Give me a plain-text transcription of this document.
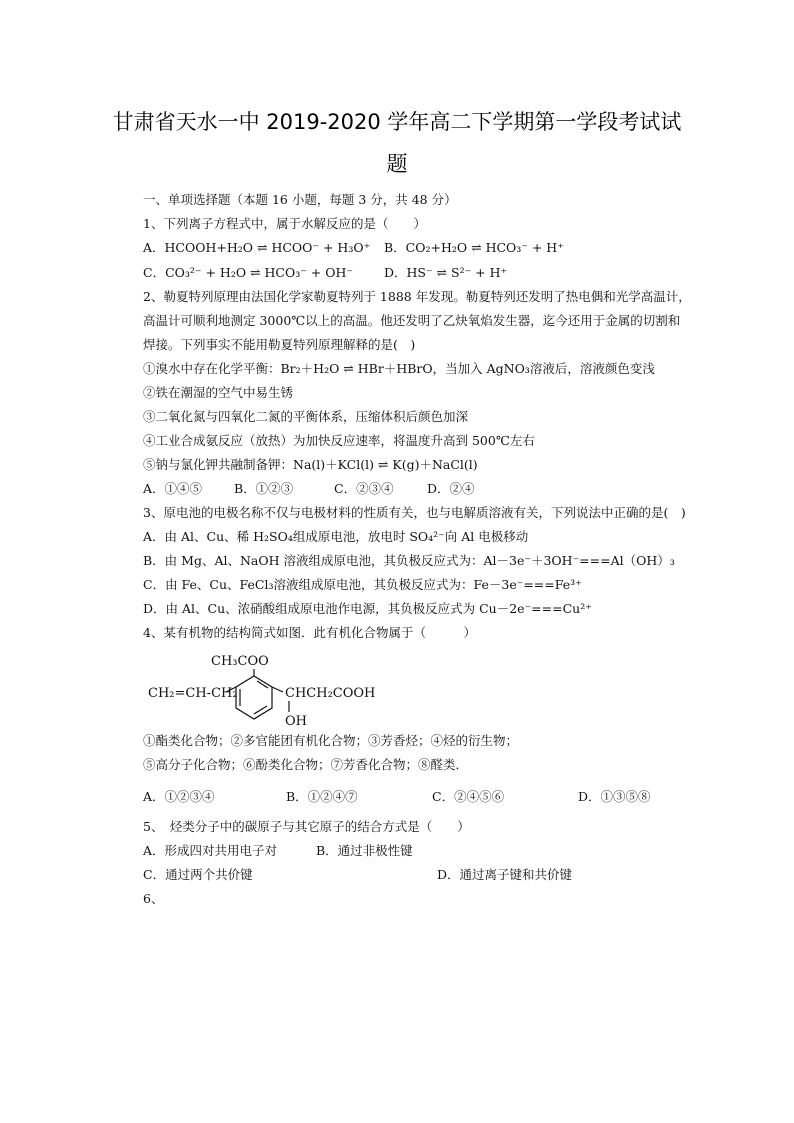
甘肃省天水一中 2019-2020 学年高二下学期第一学段考试试
题
一、单项选择题（本题 16 小题，每题 3 分，共 48 分）
1、下列离子方程式中，属于水解反应的是（　　）
A．HCOOH+H₂O ⇌ HCOO⁻ + H₃O⁺ B．CO₂+H₂O ⇌ HCO₃⁻ + H⁺
C．CO₃²⁻ + H₂O ⇌ HCO₃⁻ + OH⁻ D．HS⁻ ⇌ S²⁻ + H⁺
2、勒夏特列原理由法国化学家勒夏特列于 1888 年发现。勒夏特列还发明了热电偶和光学高温计，
高温计可顺利地测定 3000℃以上的高温。他还发明了乙炔氧焰发生器，迄今还用于金属的切割和
焊接。下列事实不能用勒夏特列原理解释的是(　)
①溴水中存在化学平衡：Br₂＋H₂O ⇌ HBr＋HBrO，当加入 AgNO₃溶液后，溶液颜色变浅
②铁在潮湿的空气中易生锈
③二氧化氮与四氧化二氮的平衡体系，压缩体积后颜色加深
④工业合成氨反应（放热）为加快反应速率，将温度升高到 500℃左右
⑤钠与氯化钾共融制备钾：Na(l)＋KCl(l) ⇌ K(g)＋NaCl(l)
A．①④⑤	B．①②③	C．②③④	D．②④
3、原电池的电极名称不仅与电极材料的性质有关，也与电解质溶液有关，下列说法中正确的是(　)
A．由 Al、Cu、稀 H₂SO₄组成原电池，放电时 SO₄²⁻向 Al 电极移动
B．由 Mg、Al、NaOH 溶液组成原电池，其负极反应式为：Al－3e⁻＋3OH⁻===Al（OH）₃
C．由 Fe、Cu、FeCl₃溶液组成原电池，其负极反应式为：Fe－3e⁻===Fe³⁺
D．由 Al、Cu、浓硝酸组成原电池作电源，其负极反应式为 Cu－2e⁻===Cu²⁺
4、某有机物的结构简式如图．此有机化合物属于（　　　）
CH₃COO
CH₂=CH-CH₂	CHCH₂COOH
OH
①酯类化合物；②多官能团有机化合物；③芳香烃；④烃的衍生物；
⑤高分子化合物；⑥酚类化合物；⑦芳香化合物；⑧醛类．
A．①②③④	B．①②④⑦	C．②④⑤⑥	D．①③⑤⑧
5、　烃类分子中的碳原子与其它原子的结合方式是（　　）
A．形成四对共用电子对	B．通过非极性键
C．通过两个共价键	D．通过离子键和共价键
6、
